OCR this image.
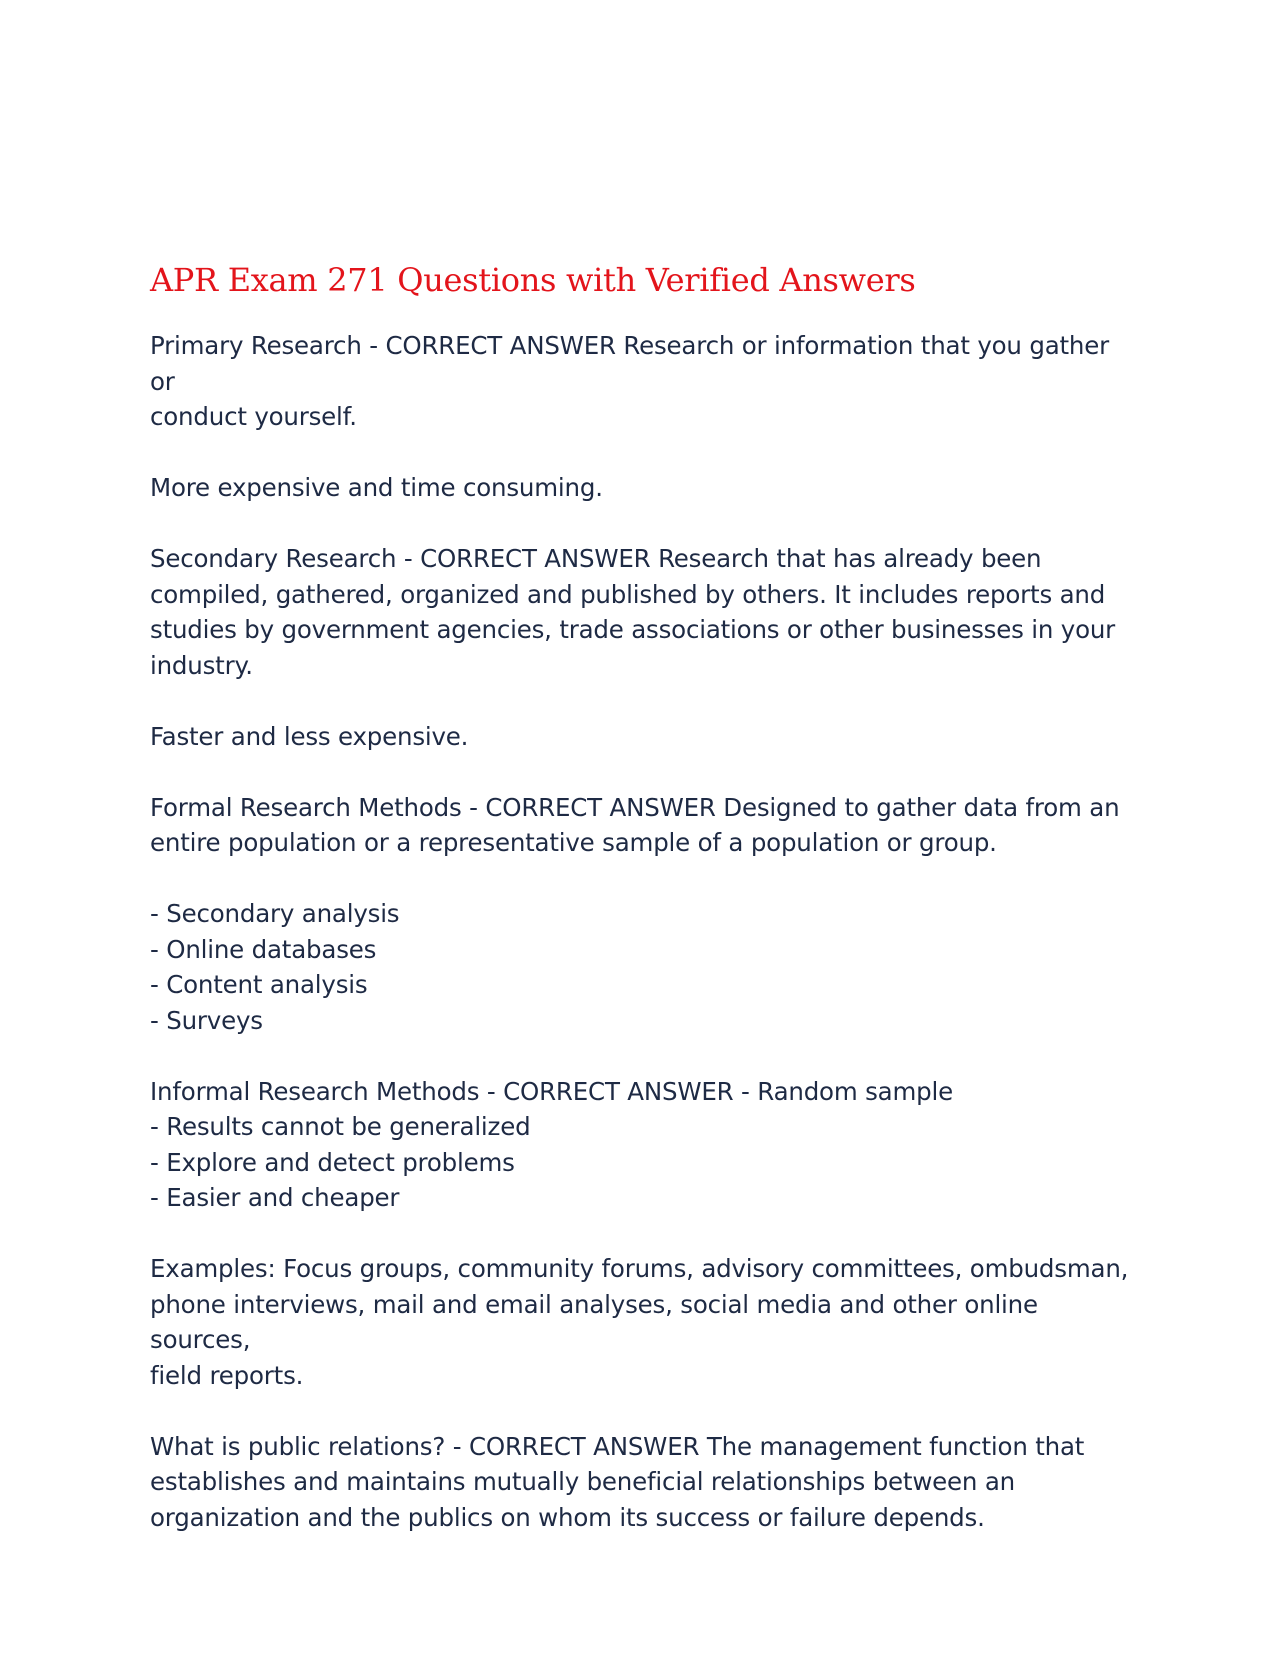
APR Exam 271 Questions with Verified Answers

Primary Research - CORRECT ANSWER Research or information that you gather or
conduct yourself.

More expensive and time consuming.

Secondary Research - CORRECT ANSWER Research that has already been
compiled, gathered, organized and published by others. It includes reports and
studies by government agencies, trade associations or other businesses in your
industry.

Faster and less expensive.

Formal Research Methods - CORRECT ANSWER Designed to gather data from an
entire population or a representative sample of a population or group.

- Secondary analysis
- Online databases
- Content analysis
- Surveys

Informal Research Methods - CORRECT ANSWER - Random sample
- Results cannot be generalized
- Explore and detect problems
- Easier and cheaper

Examples: Focus groups, community forums, advisory committees, ombudsman,
phone interviews, mail and email analyses, social media and other online sources,
field reports.

What is public relations? - CORRECT ANSWER The management function that
establishes and maintains mutually beneficial relationships between an
organization and the publics on whom its success or failure depends.
